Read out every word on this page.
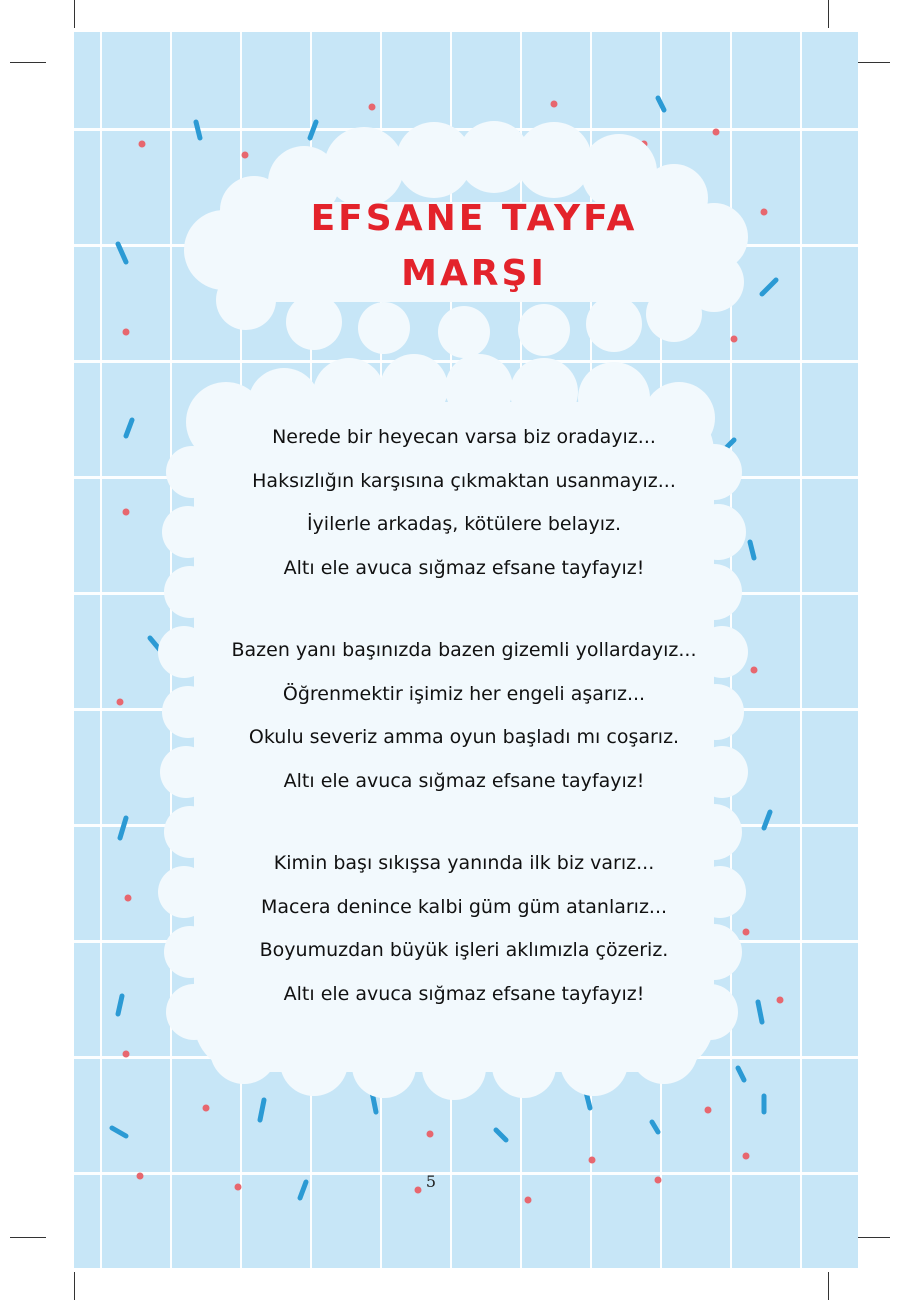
EFSANE TAYFA

MARŞI

Nerede bir heyecan varsa biz oradayız...
Haksızlığın karşısına çıkmaktan usanmayız...
İyilerle arkadaş, kötülere belayız.
Altı ele avuca sığmaz efsane tayfayız!
Bazen yanı başınızda bazen gizemli yollardayız...
Öğrenmektir işimiz her engeli aşarız...
Okulu severiz amma oyun başladı mı coşarız.
Altı ele avuca sığmaz efsane tayfayız!
Kimin başı sıkışsa yanında ilk biz varız...
Macera denince kalbi güm güm atanlarız...
Boyumuzdan büyük işleri aklımızla çözeriz.
Altı ele avuca sığmaz efsane tayfayız!
5
